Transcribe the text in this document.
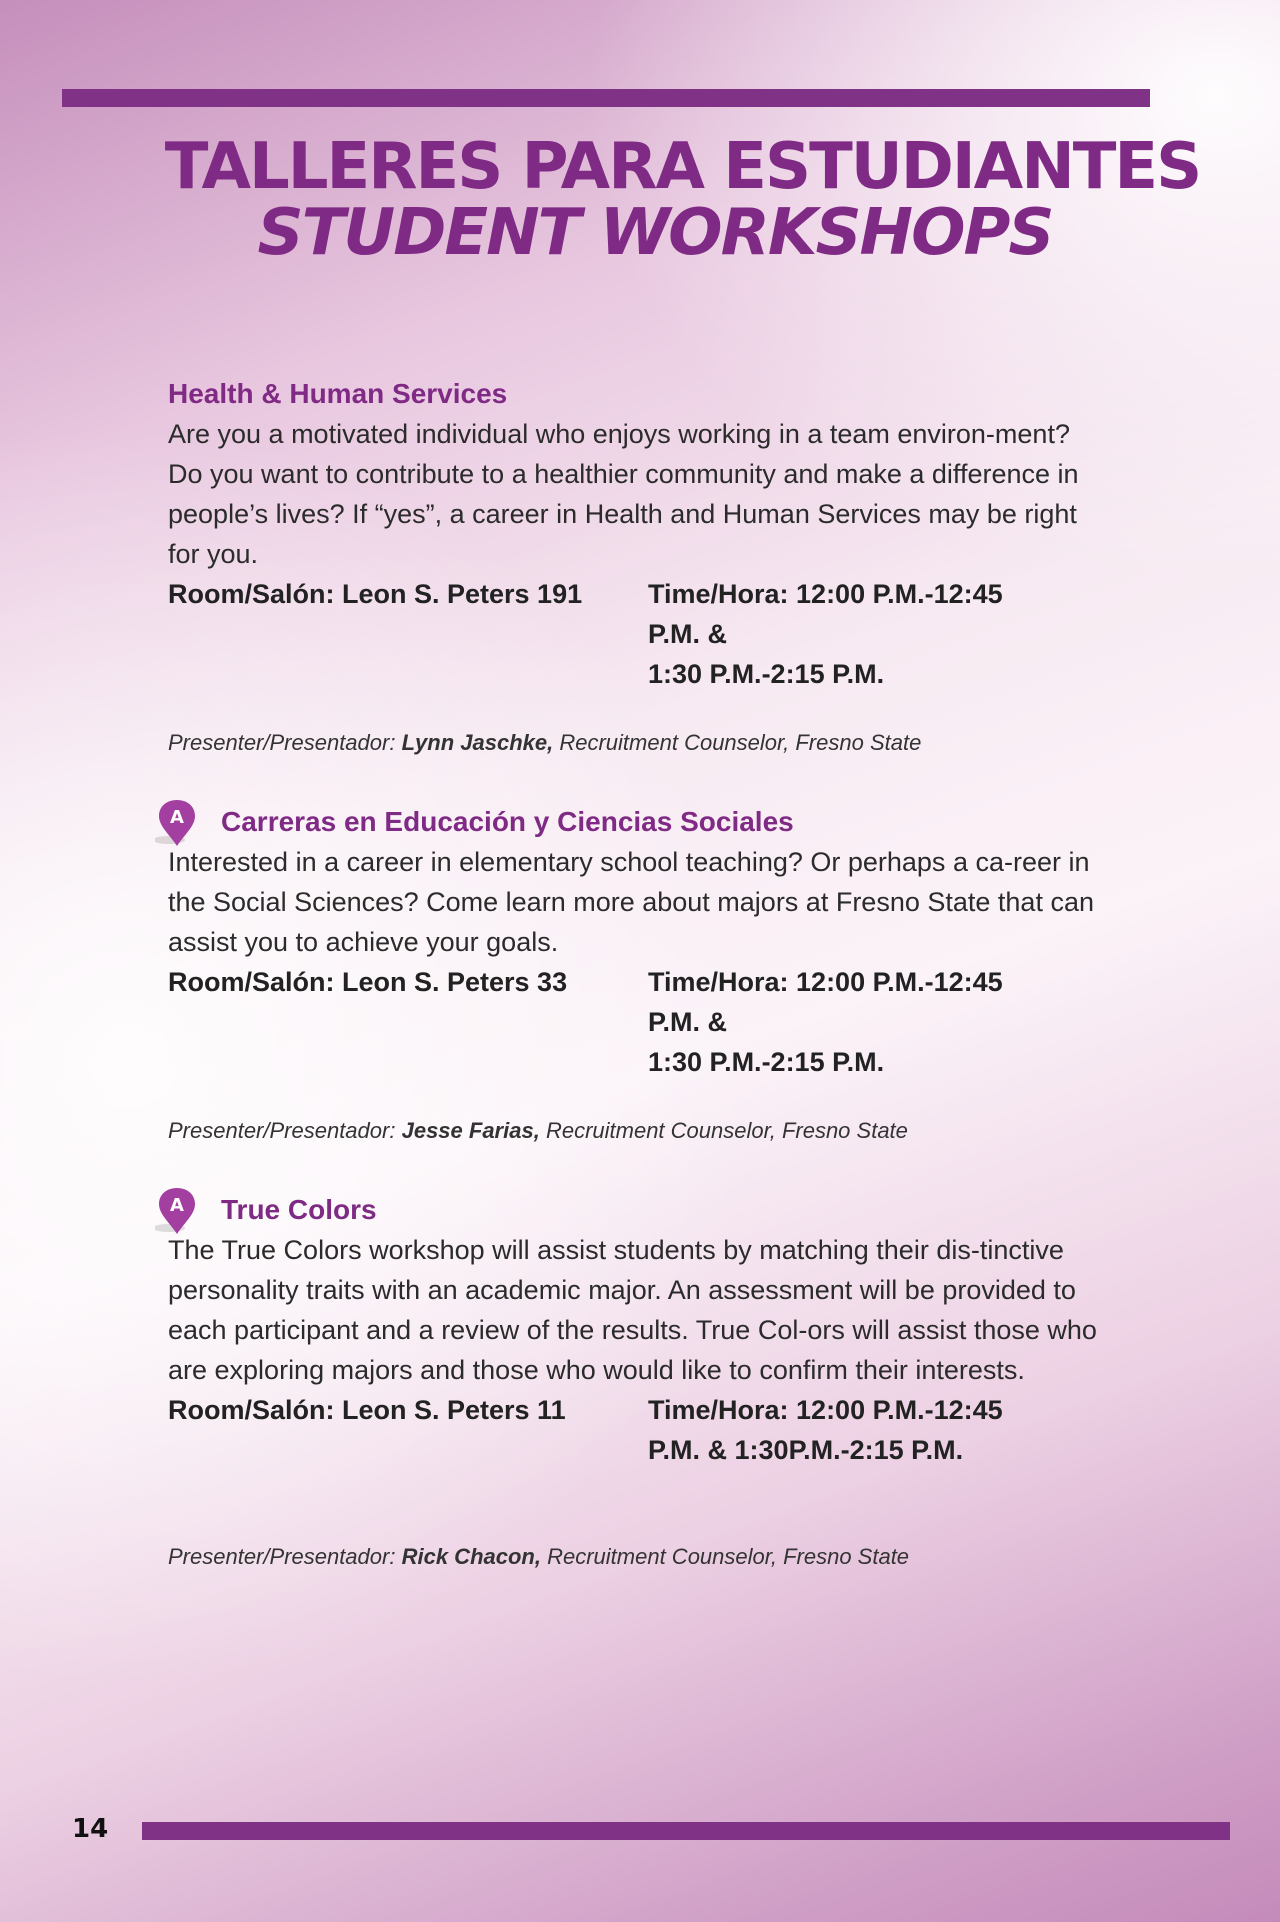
TALLERES PARA ESTUDIANTES
STUDENT WORKSHOPS
Health & Human Services

Are you a motivated individual who enjoys working in a team environ-ment? Do you want to contribute to a healthier community and make a difference in people’s lives? If “yes”, a career in Health and Human Services may be right for you.

Room/Salón: Leon S. Peters 191 Time/Hora: 12:00 P.M.-12:45
P.M. &
1:30 P.M.-2:15 P.M.
Presenter/Presentador: Lynn Jaschke, Recruitment Counselor, Fresno State
A Carreras en Educación y Ciencias Sociales

Interested in a career in elementary school teaching? Or perhaps a ca-reer in the Social Sciences? Come learn more about majors at Fresno State that can assist you to achieve your goals.

Room/Salón: Leon S. Peters 33	Time/Hora: 12:00 P.M.-12:45
P.M. &
1:30 P.M.-2:15 P.M.
Presenter/Presentador: Jesse Farias, Recruitment Counselor, Fresno State
A True Colors

The True Colors workshop will assist students by matching their dis-tinctive personality traits with an academic major. An assessment will be provided to each participant and a review of the results. True Col-ors will assist those who are exploring majors and those who would like to confirm their interests.

Room/Salón: Leon S. Peters 11	Time/Hora: 12:00 P.M.-12:45
P.M. & 1:30P.M.-2:15 P.M.
Presenter/Presentador: Rick Chacon, Recruitment Counselor, Fresno State
14
